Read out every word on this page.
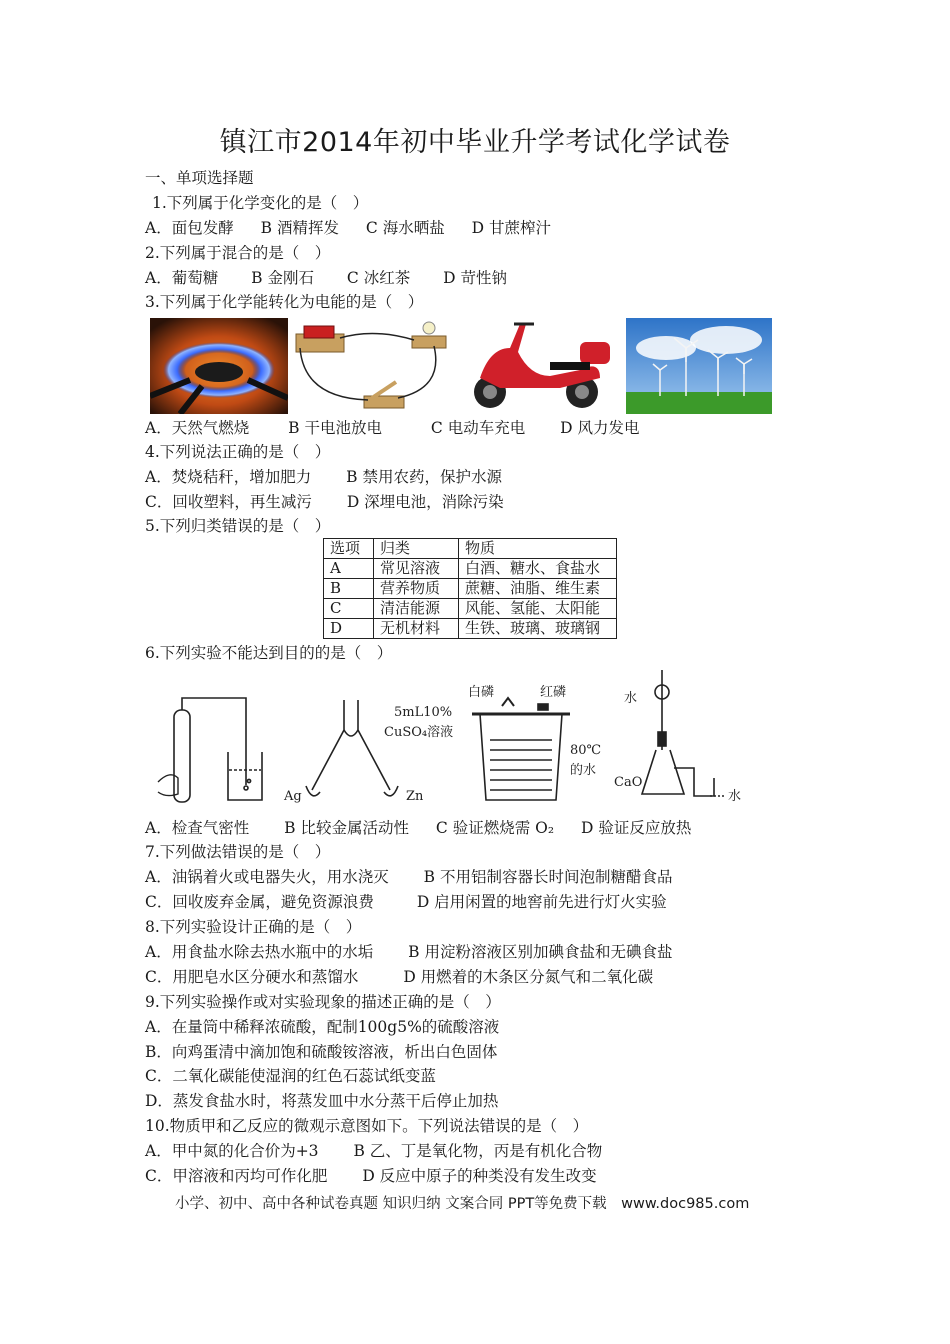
镇江市2014年初中毕业升学考试化学试卷
一、单项选择题
1.下列属于化学变化的是（　）
A．面包发酵 B 酒精挥发 C 海水晒盐 D 甘蔗榨汁
2.下列属于混合的是（　）
A．葡萄糖 B 金刚石 C 冰红茶 D 苛性钠
3.下列属于化学能转化为电能的是（　）
A．天然气燃烧	B 干电池放电	C 电动车充电 D 风力发电
4.下列说法正确的是（　）
A．焚烧秸秆，增加肥力 B 禁用农药，保护水源
C．回收塑料，再生减污 D 深埋电池，消除污染
5.下列归类错误的是（　）
选项	归类	物质
A	常见溶液	白酒、糖水、食盐水
B	营养物质	蔗糖、油脂、维生素
C	清洁能源	风能、氢能、太阳能
D	无机材料	生铁、玻璃、玻璃钢
6.下列实验不能达到目的的是（　）
5mL10%
CuSO₄溶液
Ag	Zn
白磷	红磷
80℃
的水
水
CaO
水
A．检查气密性 B 比较金属活动性 C 验证燃烧需 O₂ D 验证反应放热
7.下列做法错误的是（　）
A．油锅着火或电器失火，用水浇灭 B 不用铝制容器长时间泡制糖醋食品
C．回收废弃金属，避免资源浪费	D 启用闲置的地窖前先进行灯火实验
8.下列实验设计正确的是（　）
A．用食盐水除去热水瓶中的水垢 B 用淀粉溶液区别加碘食盐和无碘食盐
C．用肥皂水区分硬水和蒸馏水	D 用燃着的木条区分氮气和二氧化碳
9.下列实验操作或对实验现象的描述正确的是（　）
A．在量筒中稀释浓硫酸，配制100g5%的硫酸溶液
B．向鸡蛋清中滴加饱和硫酸铵溶液，析出白色固体
C．二氧化碳能使湿润的红色石蕊试纸变蓝
D．蒸发食盐水时，将蒸发皿中水分蒸干后停止加热
10.物质甲和乙反应的微观示意图如下。下列说法错误的是（　）
A．甲中氮的化合价为+3 B 乙、丁是氧化物，丙是有机化合物
C．甲溶液和丙均可作化肥 D 反应中原子的种类没有发生改变
小学、初中、高中各种试卷真题 知识归纳 文案合同 PPT等免费下载　www.doc985.com
